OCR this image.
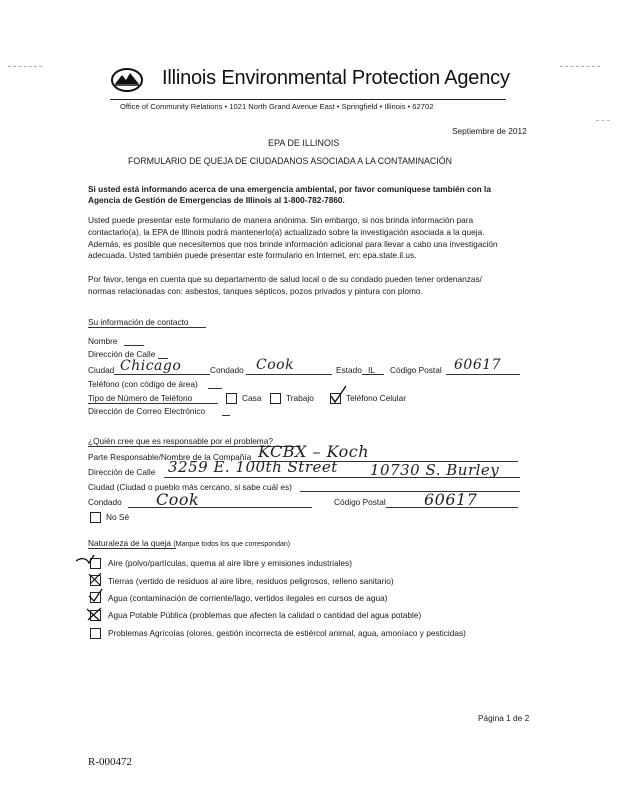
Illinois Environmental Protection Agency
Office of Community Relations • 1021 North Grand Avenue East • Springfield • Illinois • 62702
Septiembre de 2012
EPA DE ILLINOIS
FORMULARIO DE QUEJA DE CIUDADANOS ASOCIADA A LA CONTAMINACIÓN
Si usted está informando acerca de una emergencia ambiental, por favor comuníquese también con la
Agencia de Gestión de Emergencias de Illinois al 1-800-782-7860.
Usted puede presentar este formulario de manera anónima. Sin embargo, si nos brinda información para
contactarlo(a), la EPA de Illinois podrá mantenerlo(a) actualizado sobre la investigación asociada a la queja.
Además, es posible que necesitemos que nos brinde información adicional para llevar a cabo una investigación
adecuada. Usted también puede presentar este formulario en Internet, en: epa.state.il.us.
Por favor, tenga en cuenta que su departamento de salud local o de su condado pueden tener ordenanzas/
normas relacionadas con: asbestos, tanques sépticos, pozos privados y pintura con plomo.
Su información de contacto
Nombre
Dirección de Calle
Ciudad Chicago	Condado Cook	Estado IL Código Postal 60617
Teléfono (con código de área)
Tipo de Número de Teléfono	Casa	Trabajo	Teléfono Celular
Dirección de Correo Electrónico
¿Quién cree que es responsable por el problema?
Parte Responsable/Nombre de la Compañía KCBX – Koch
Dirección de Calle 3259 E. 100th Street 10730 S. Burley
Ciudad (Ciudad o pueblo más cercano, si sabe cuál es)
Condado Cook	Código Postal 60617
No Sé
Naturaleza de la queja (Marque todos los que correspondan)
Aire (polvo/partículas, quema al aire libre y emisiones industriales)
Tierras (vertido de residuos al aire libre, residuos peligrosos, relleno sanitario)
Agua (contaminación de corriente/lago, vertidos ilegales en cursos de agua)
Agua Potable Pública (problemas que afecten la calidad o cantidad del agua potable)
Problemas Agrícolas (olores, gestión incorrecta de estiércol animal, agua, amoníaco y pesticidas)
Página 1 de 2
R-000472
